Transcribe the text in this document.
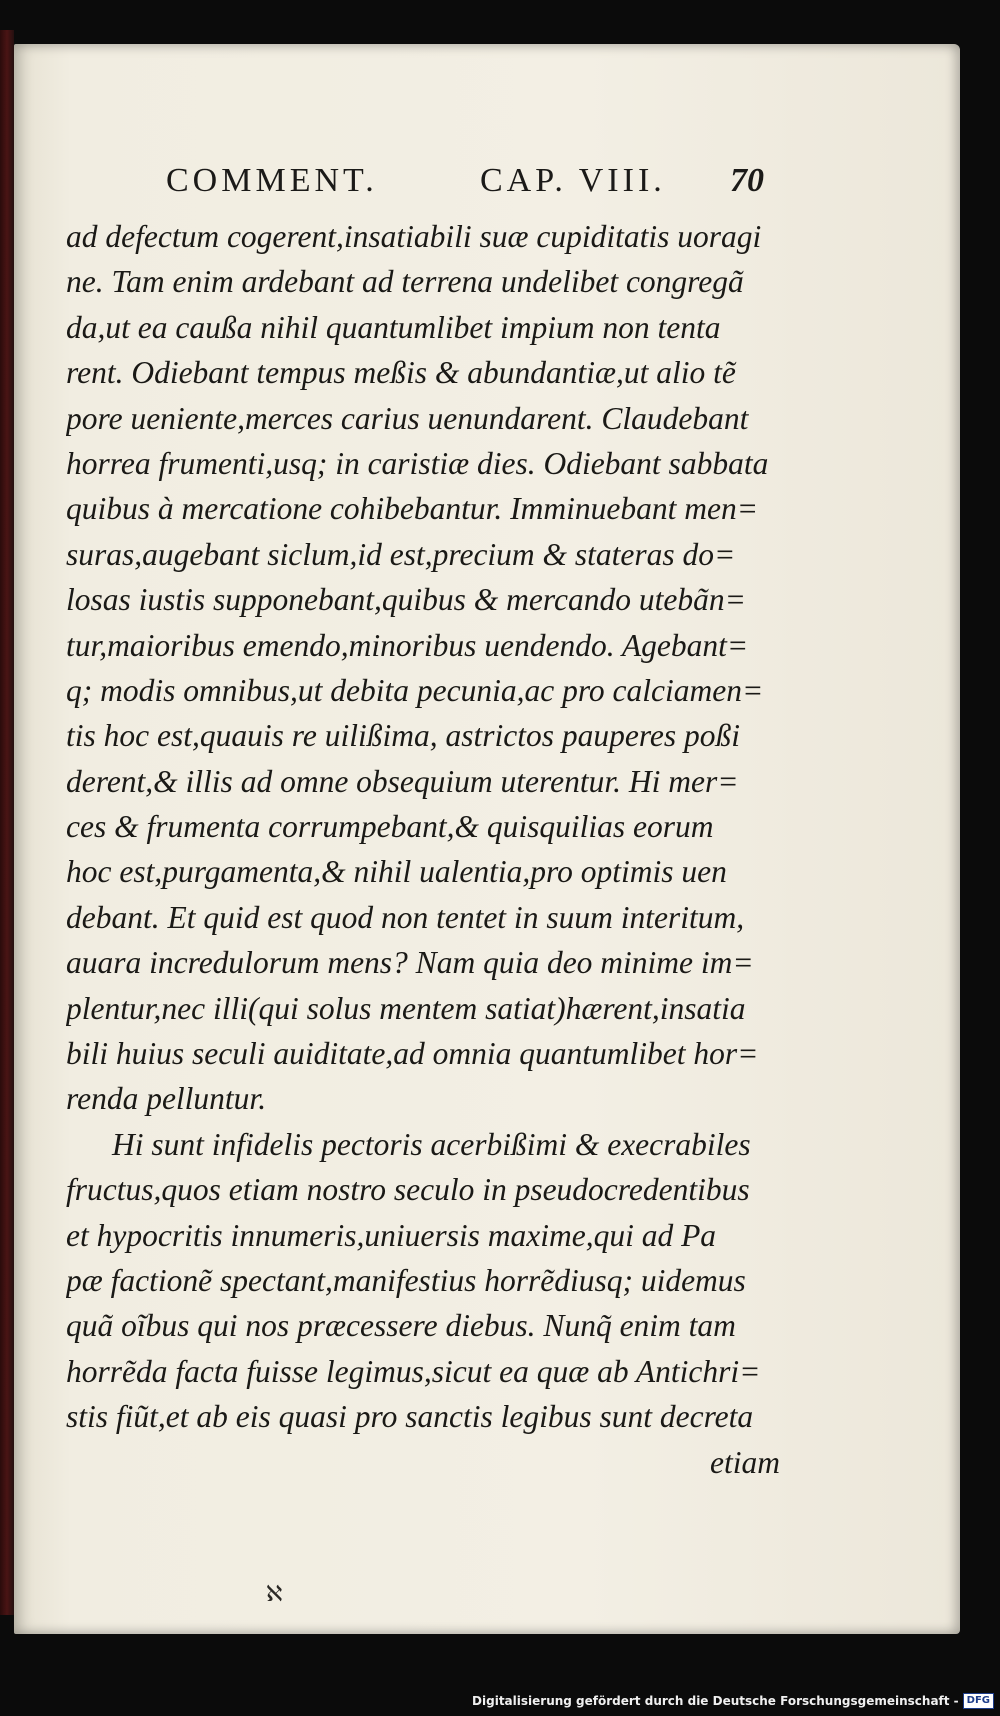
COMMENT.	CAP. VIII. 70
ad defectum cogerent,insatiabili suæ cupiditatis uoragi
ne. Tam enim ardebant ad terrena undelibet congregã
da,ut ea caußa nihil quantumlibet impium non tenta
rent. Odiebant tempus meßis & abundantiæ,ut alio tẽ
pore ueniente,merces carius uenundarent. Claudebant
horrea frumenti,usq; in caristiæ dies. Odiebant sabbata
quibus à mercatione cohibebantur. Imminuebant men=
suras,augebant siclum,id est,precium & stateras do=
losas iustis supponebant,quibus & mercando utebãn=
tur,maioribus emendo,minoribus uendendo. Agebant=
q; modis omnibus,ut debita pecunia,ac pro calciamen=
tis hoc est,quauis re uilißima, astrictos pauperes poßi
derent,& illis ad omne obsequium uterentur. Hi mer=
ces & frumenta corrumpebant,& quisquilias eorum
hoc est,purgamenta,& nihil ualentia,pro optimis uen
debant. Et quid est quod non tentet in suum interitum,
auara incredulorum mens? Nam quia deo minime im=
plentur,nec illi(qui solus mentem satiat)hærent,insatia
bili huius seculi auiditate,ad omnia quantumlibet hor=
renda pelluntur.
Hi sunt infidelis pectoris acerbißimi & execrabiles
fructus,quos etiam nostro seculo in pseudocredentibus
et hypocritis innumeris,uniuersis maxime,qui ad Pa
pæ factionẽ spectant,manifestius horrẽdiusq; uidemus
quã oĩbus qui nos præcessere diebus. Nunq̃ enim tam
horrẽda facta fuisse legimus,sicut ea quæ ab Antichri=
stis fiũt,et ab eis quasi pro sanctis legibus sunt decreta
etiam
ℵ
Digitalisierung gefördert durch die Deutsche Forschungsgemeinschaft - DFG
